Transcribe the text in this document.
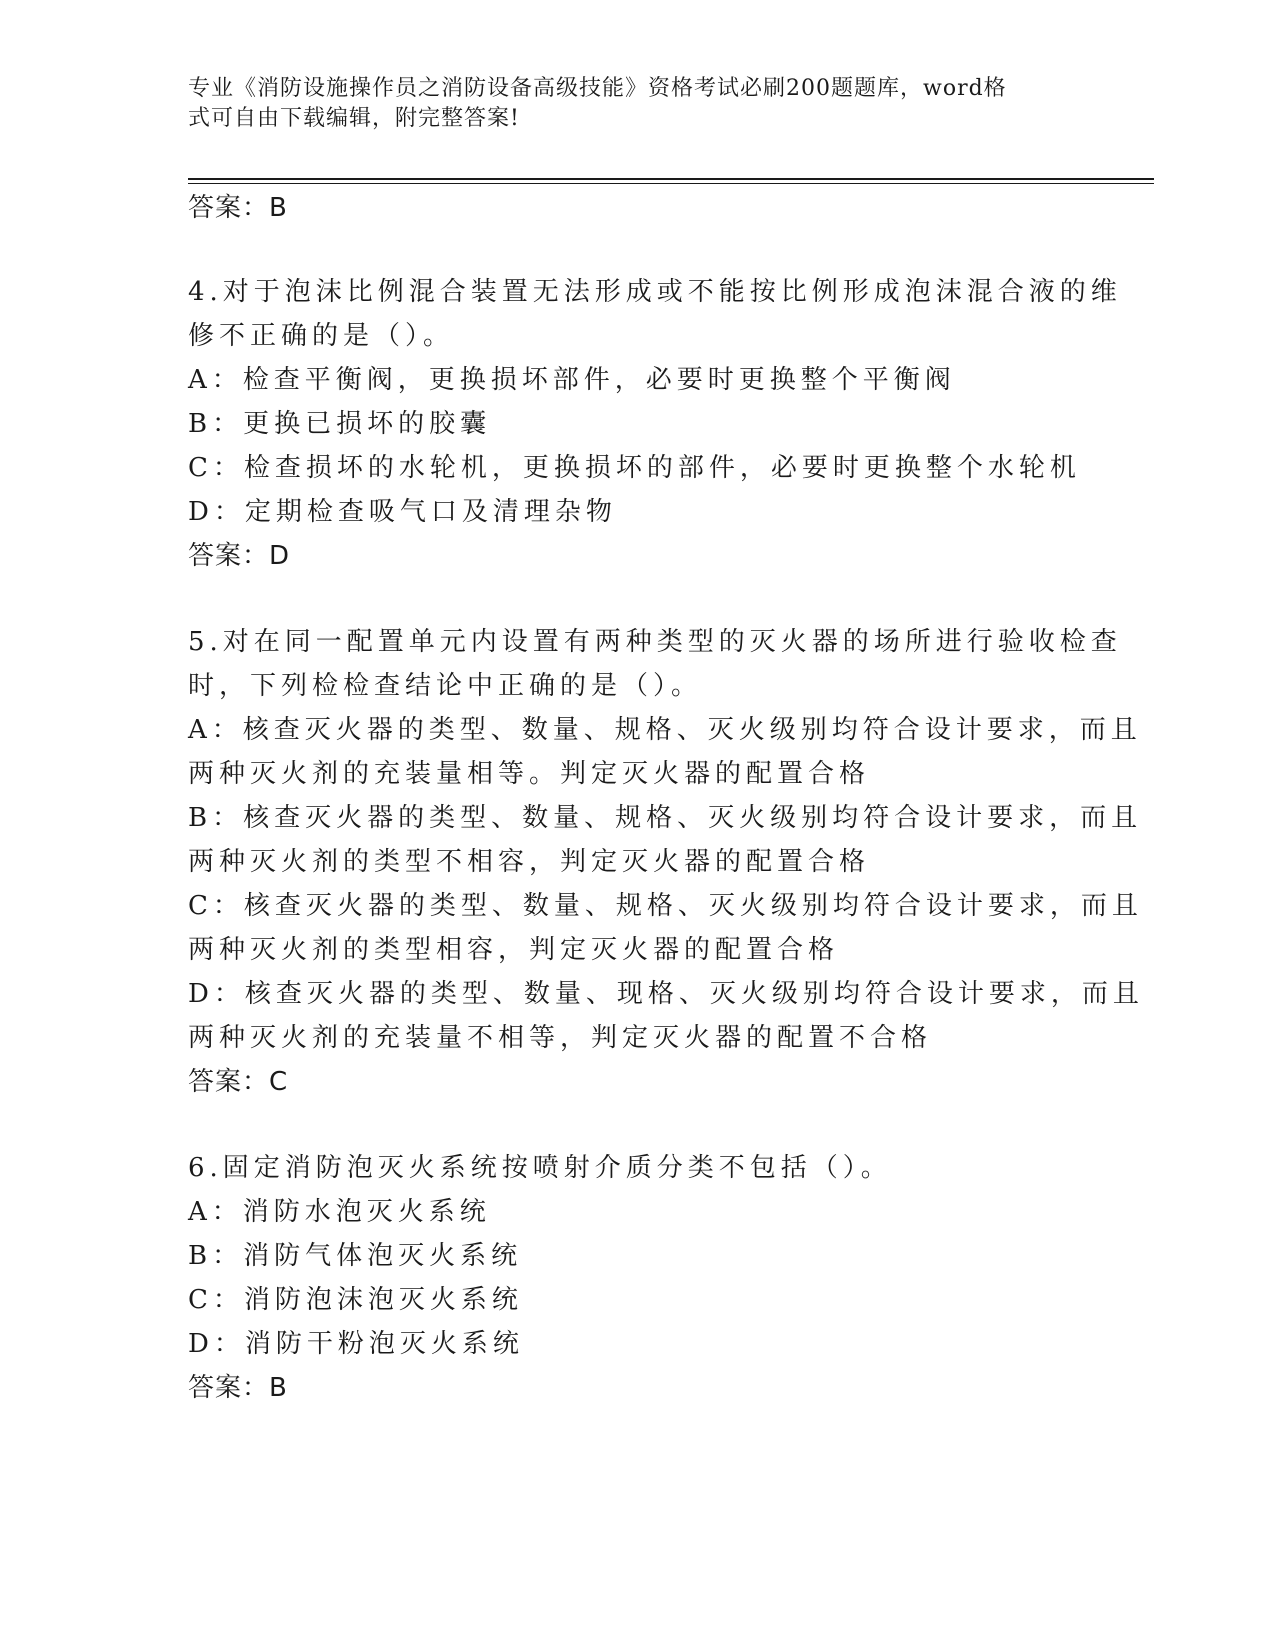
专业《消防设施操作员之消防设备高级技能》资格考试必刷200题题库，word格
式可自由下载编辑，附完整答案!
答案：B
4.对于泡沫比例混合装置无法形成或不能按比例形成泡沫混合液的维
修不正确的是（）。
A：检查平衡阀，更换损坏部件，必要时更换整个平衡阀
B：更换已损坏的胶囊
C：检查损坏的水轮机，更换损坏的部件，必要时更换整个水轮机
D：定期检查吸气口及清理杂物
答案：D
5.对在同一配置单元内设置有两种类型的灭火器的场所进行验收检查
时，下列检检查结论中正确的是（）。
A：核查灭火器的类型、数量、规格、灭火级别均符合设计要求，而且
两种灭火剂的充装量相等。判定灭火器的配置合格
B：核查灭火器的类型、数量、规格、灭火级别均符合设计要求，而且
两种灭火剂的类型不相容，判定灭火器的配置合格
C：核查灭火器的类型、数量、规格、灭火级别均符合设计要求，而且
两种灭火剂的类型相容，判定灭火器的配置合格
D：核查灭火器的类型、数量、现格、灭火级别均符合设计要求，而且
两种灭火剂的充装量不相等，判定灭火器的配置不合格
答案：C
6.固定消防泡灭火系统按喷射介质分类不包括（）。
A：消防水泡灭火系统
B：消防气体泡灭火系统
C：消防泡沫泡灭火系统
D：消防干粉泡灭火系统
答案：B
